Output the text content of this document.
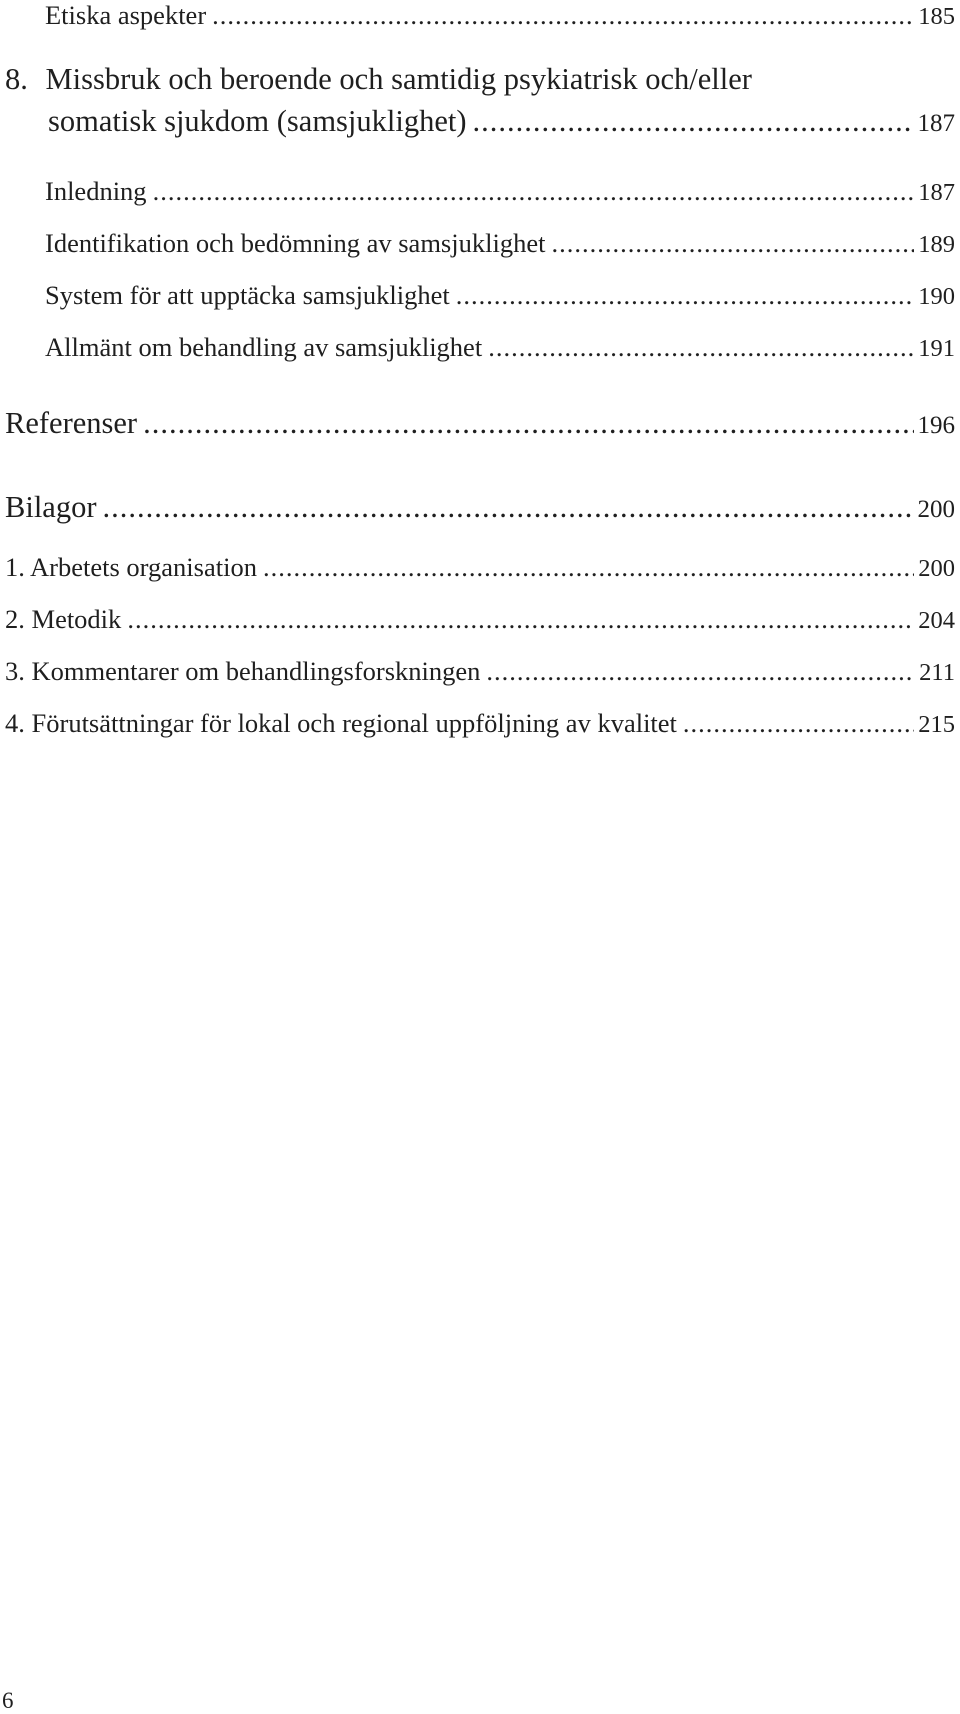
Etiska aspekter .....	185
8. Missbruk och beroende och samtidig psykiatrisk och/eller
somatisk sjukdom (samsjuklighet) .....	187
Inledning .....	187
Identifikation och bedömning av samsjuklighet .....	189
System för att upptäcka samsjuklighet .....	190
Allmänt om behandling av samsjuklighet .....	191
Referenser .....	196
Bilagor .....	200
1. Arbetets organisation .....	200
2. Metodik .....	204
3. Kommentarer om behandlingsforskningen .....	211
4. Förutsättningar för lokal och regional uppföljning av kvalitet .....	215
6
